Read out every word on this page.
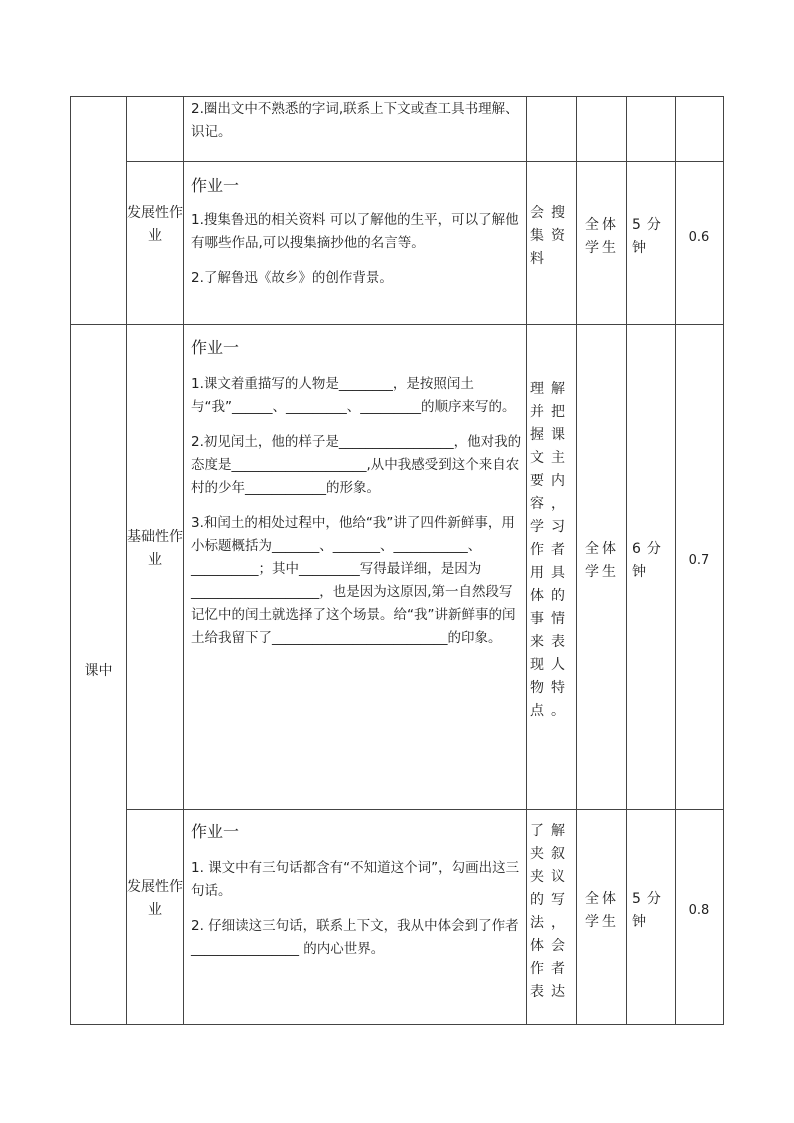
2.圈出文中不熟悉的字词,联系上下文或查工具书理解、识记。

发展性作业

作业一

1.搜集鲁迅的相关资料 可以了解他的生平，可以了解他有哪些作品,可以搜集摘抄他的名言等。

2.了解鲁迅《故乡》的创作背景。

会搜集资料
全体学生
5分钟
0.6
课中
基础性作业

作业一

1.课文着重描写的人物是________，是按照闰土与“我”______、_________、_________的顺序来写的。

2.初见闰土，他的样子是_________________，他对我的态度是____________________,从中我感受到这个来自农村的少年____________的形象。

3.和闰土的相处过程中，他给“我”讲了四件新鲜事，用小标题概括为_______、_______、___________、__________；其中_________写得最详细，是因为___________________，也是因为这原因,第一自然段写记忆中的闰土就选择了这个场景。给“我”讲新鲜事的闰土给我留下了__________________________的印象。

理解并把握课文主要内容，学习作者用具体的事情来表现人物特点。
全体学生
6分钟
0.7
发展性作业

作业一

1. 课文中有三句话都含有“不知道这个词”，勾画出这三句话。

2. 仔细读这三句话，联系上下文，我从中体会到了作者________________ 的内心世界。

了解夹叙夹议的写法，体会作者表达
全体学生
5分钟
0.8
